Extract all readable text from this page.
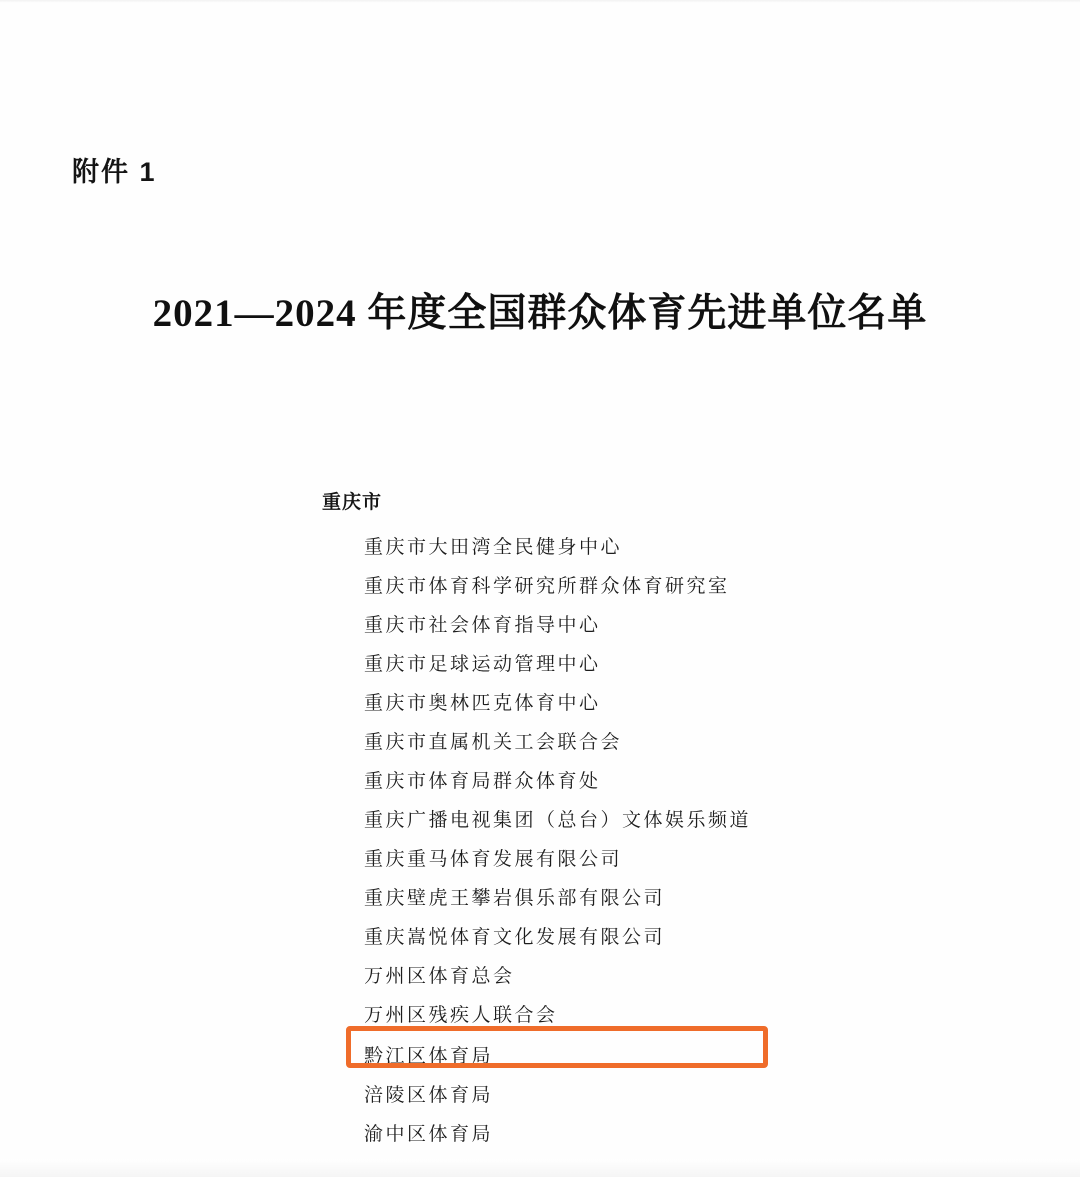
附件 1
2021—2024 年度全国群众体育先进单位名单
重庆市
重庆市大田湾全民健身中心
重庆市体育科学研究所群众体育研究室
重庆市社会体育指导中心
重庆市足球运动管理中心
重庆市奥林匹克体育中心
重庆市直属机关工会联合会
重庆市体育局群众体育处
重庆广播电视集团（总台）文体娱乐频道
重庆重马体育发展有限公司
重庆壁虎王攀岩俱乐部有限公司
重庆嵩悦体育文化发展有限公司
万州区体育总会
万州区残疾人联合会
黔江区体育局
涪陵区体育局
渝中区体育局
